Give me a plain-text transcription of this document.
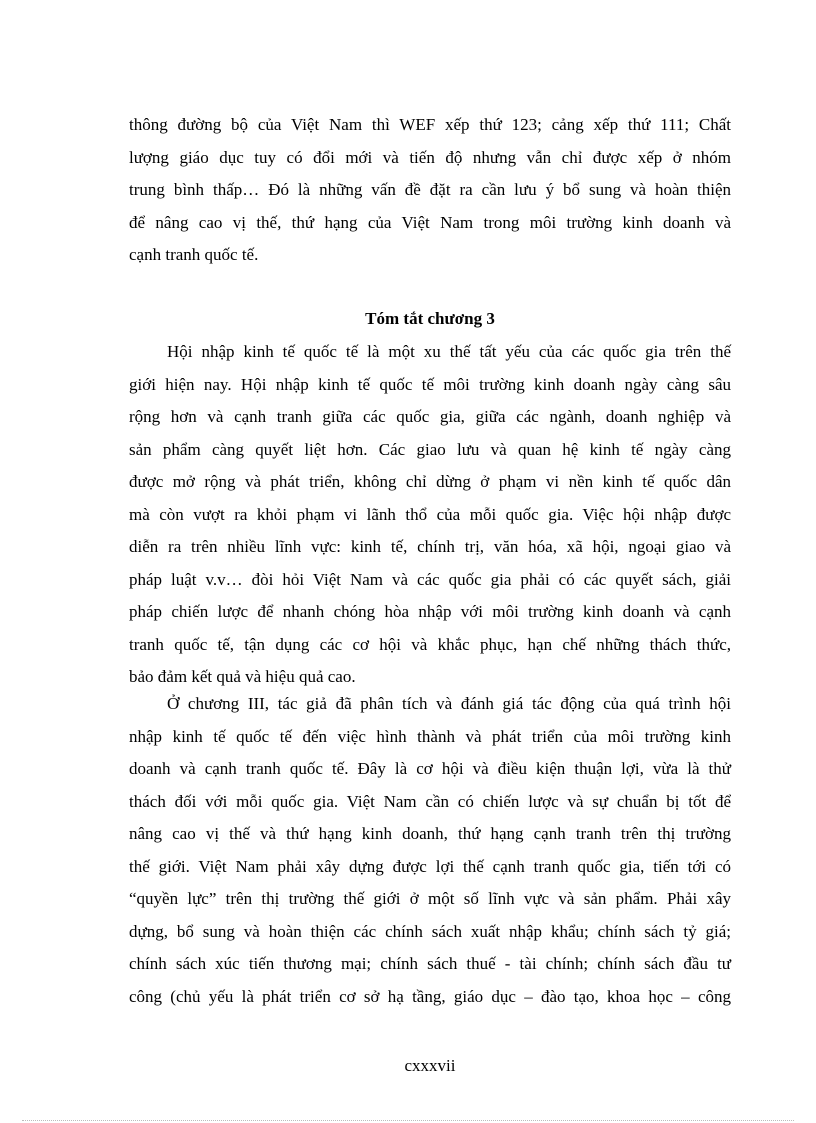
thông đường bộ của Việt Nam thì WEF xếp thứ 123; cảng xếp thứ 111; Chất
lượng giáo dục tuy có đổi mới và tiến độ nhưng vẫn chỉ được xếp ở nhóm
trung bình thấp… Đó là những vấn đề đặt ra cần lưu ý bổ sung và hoàn thiện
để nâng cao vị thế, thứ hạng của Việt Nam trong môi trường kinh doanh và
cạnh tranh quốc tế.
Tóm tắt chương 3
Hội nhập kinh tế quốc tế là một xu thế tất yếu của các quốc gia trên thế
giới hiện nay. Hội nhập kinh tế quốc tế môi trường kinh doanh ngày càng sâu
rộng hơn và cạnh tranh giữa các quốc gia, giữa các ngành, doanh nghiệp và
sản phẩm càng quyết liệt hơn. Các giao lưu và quan hệ kinh tế ngày càng
được mở rộng và phát triển, không chỉ dừng ở phạm vi nền kinh tế quốc dân
mà còn vượt ra khỏi phạm vi lãnh thổ của mỗi quốc gia. Việc hội nhập được
diễn ra trên nhiều lĩnh vực: kinh tế, chính trị, văn hóa, xã hội, ngoại giao và
pháp luật v.v… đòi hỏi Việt Nam và các quốc gia phải có các quyết sách, giải
pháp chiến lược để nhanh chóng hòa nhập với môi trường kinh doanh và cạnh
tranh quốc tế, tận dụng các cơ hội và khắc phục, hạn chế những thách thức,
bảo đảm kết quả và hiệu quả cao.
Ở chương III, tác giả đã phân tích và đánh giá tác động của quá trình hội
nhập kinh tế quốc tế đến việc hình thành và phát triển của môi trường kinh
doanh và cạnh tranh quốc tế. Đây là cơ hội và điều kiện thuận lợi, vừa là thử
thách đối với mỗi quốc gia. Việt Nam cần có chiến lược và sự chuẩn bị tốt để
nâng cao vị thế và thứ hạng kinh doanh, thứ hạng cạnh tranh trên thị trường
thế giới. Việt Nam phải xây dựng được lợi thế cạnh tranh quốc gia, tiến tới có
“quyền lực” trên thị trường thế giới ở một số lĩnh vực và sản phẩm. Phải xây
dựng, bổ sung và hoàn thiện các chính sách xuất nhập khẩu; chính sách tỷ giá;
chính sách xúc tiến thương mại; chính sách thuế - tài chính; chính sách đầu tư
công (chủ yếu là phát triển cơ sở hạ tầng, giáo dục – đào tạo, khoa học – công
cxxxvii
